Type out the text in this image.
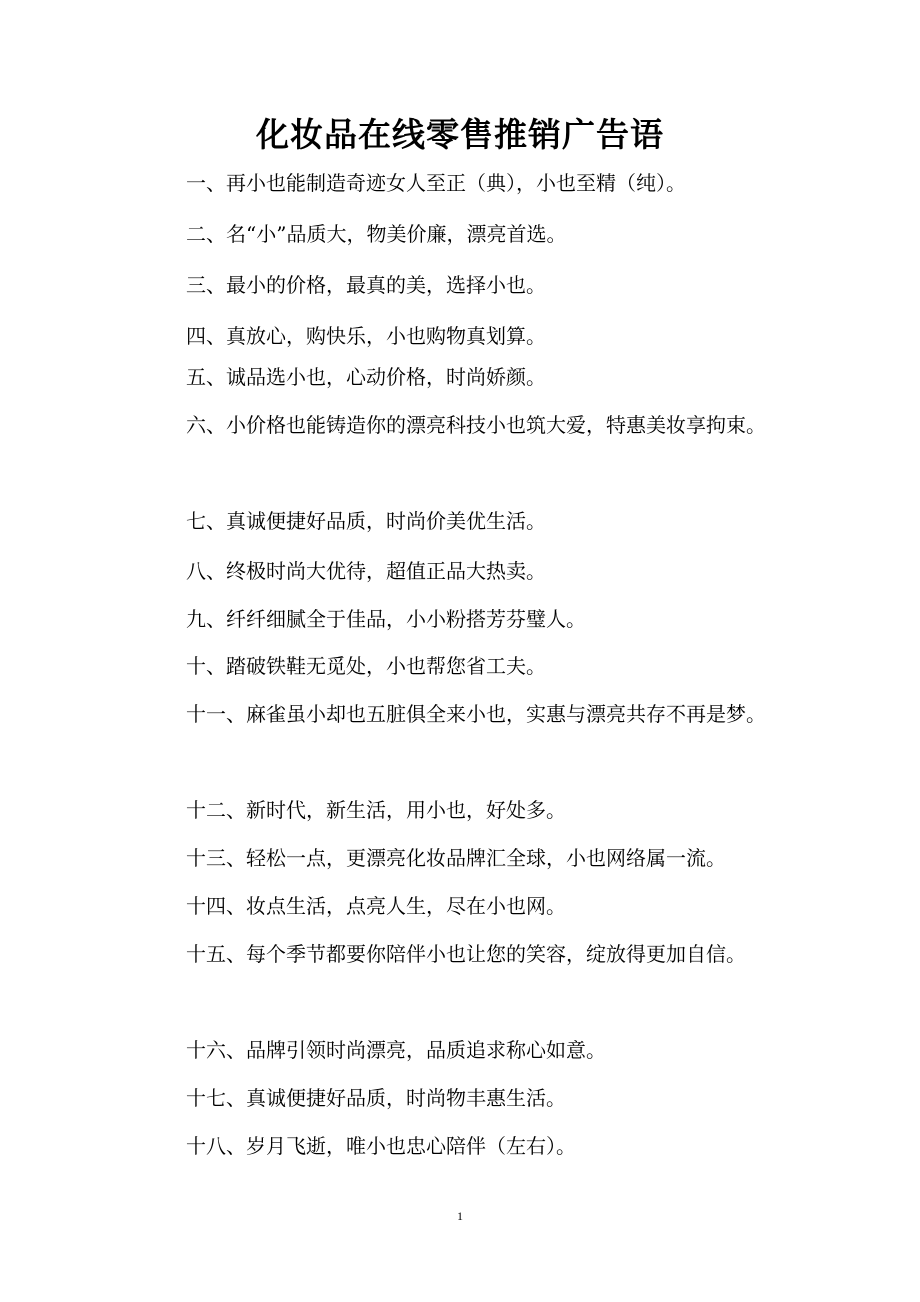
化妆品在线零售推销广告语

一、再小也能制造奇迹女人至正（典），小也至精（纯）。

二、名“小”品质大，物美价廉，漂亮首选。

三、最小的价格，最真的美，选择小也。

四、真放心，购快乐，小也购物真划算。

五、诚品选小也，心动价格，时尚娇颜。

六、小价格也能铸造你的漂亮科技小也筑大爱，特惠美妆享拘束。

七、真诚便捷好品质，时尚价美优生活。

八、终极时尚大优待，超值正品大热卖。

九、纤纤细腻全于佳品，小小粉搭芳芬璧人。

十、踏破铁鞋无觅处，小也帮您省工夫。

十一、麻雀虽小却也五脏俱全来小也，实惠与漂亮共存不再是梦。

十二、新时代，新生活，用小也，好处多。

十三、轻松一点，更漂亮化妆品牌汇全球，小也网络属一流。

十四、妆点生活，点亮人生，尽在小也网。

十五、每个季节都要你陪伴小也让您的笑容，绽放得更加自信。

十六、品牌引领时尚漂亮，品质追求称心如意。

十七、真诚便捷好品质，时尚物丰惠生活。

十八、岁月飞逝，唯小也忠心陪伴（左右）。

1
